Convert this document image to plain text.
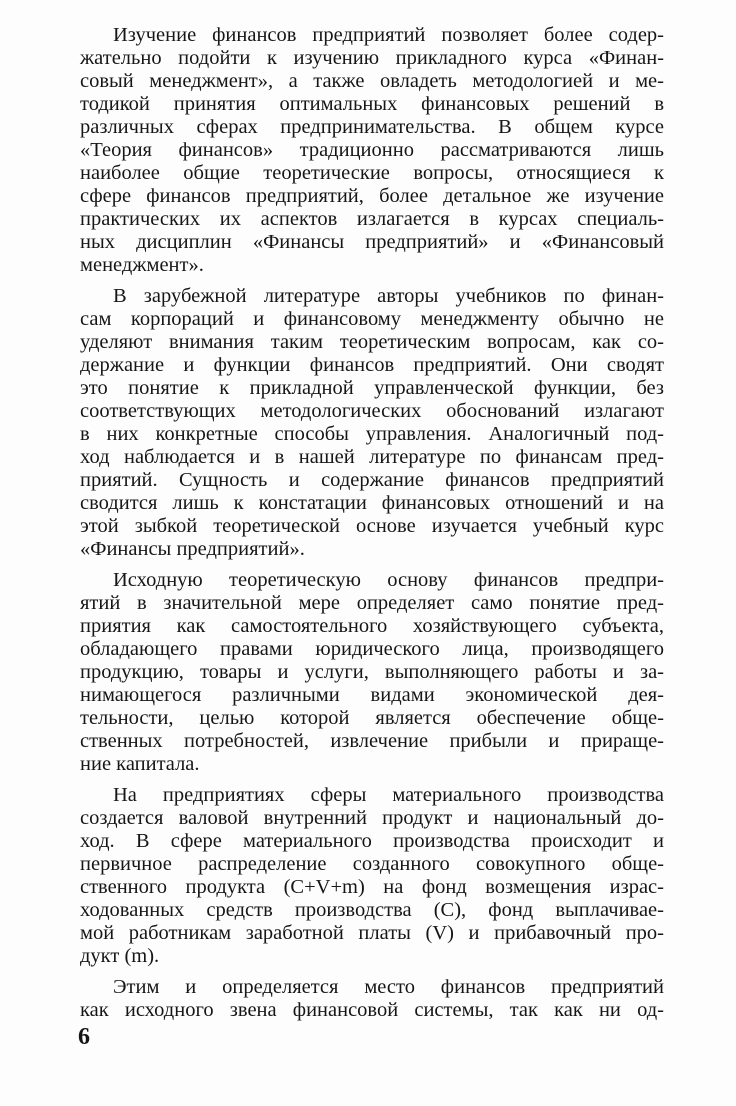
Изучение финансов предприятий позволяет более содер-
жательно подойти к изучению прикладного курса «Финан-
совый менеджмент», а также овладеть методологией и ме-
тодикой принятия оптимальных финансовых решений в
различных сферах предпринимательства. В общем курсе
«Теория финансов» традиционно рассматриваются лишь
наиболее общие теоретические вопросы, относящиеся к
сфере финансов предприятий, более детальное же изучение
практических их аспектов излагается в курсах специаль-
ных дисциплин «Финансы предприятий» и «Финансовый
менеджмент».
В зарубежной литературе авторы учебников по финан-
сам корпораций и финансовому менеджменту обычно не
уделяют внимания таким теоретическим вопросам, как со-
держание и функции финансов предприятий. Они сводят
это понятие к прикладной управленческой функции, без
соответствующих методологических обоснований излагают
в них конкретные способы управления. Аналогичный под-
ход наблюдается и в нашей литературе по финансам пред-
приятий. Сущность и содержание финансов предприятий
сводится лишь к констатации финансовых отношений и на
этой зыбкой теоретической основе изучается учебный курс
«Финансы предприятий».
Исходную теоретическую основу финансов предпри-
ятий в значительной мере определяет само понятие пред-
приятия как самостоятельного хозяйствующего субъекта,
обладающего правами юридического лица, производящего
продукцию, товары и услуги, выполняющего работы и за-
нимающегося различными видами экономической дея-
тельности, целью которой является обеспечение обще-
ственных потребностей, извлечение прибыли и прираще-
ние капитала.
На предприятиях сферы материального производства
создается валовой внутренний продукт и национальный до-
ход. В сфере материального производства происходит и
первичное распределение созданного совокупного обще-
ственного продукта (C+V+m) на фонд возмещения израс-
ходованных средств производства (C), фонд выплачивае-
мой работникам заработной платы (V) и прибавочный про-
дукт (m).
Этим и определяется место финансов предприятий
как исходного звена финансовой системы, так как ни од-
6
